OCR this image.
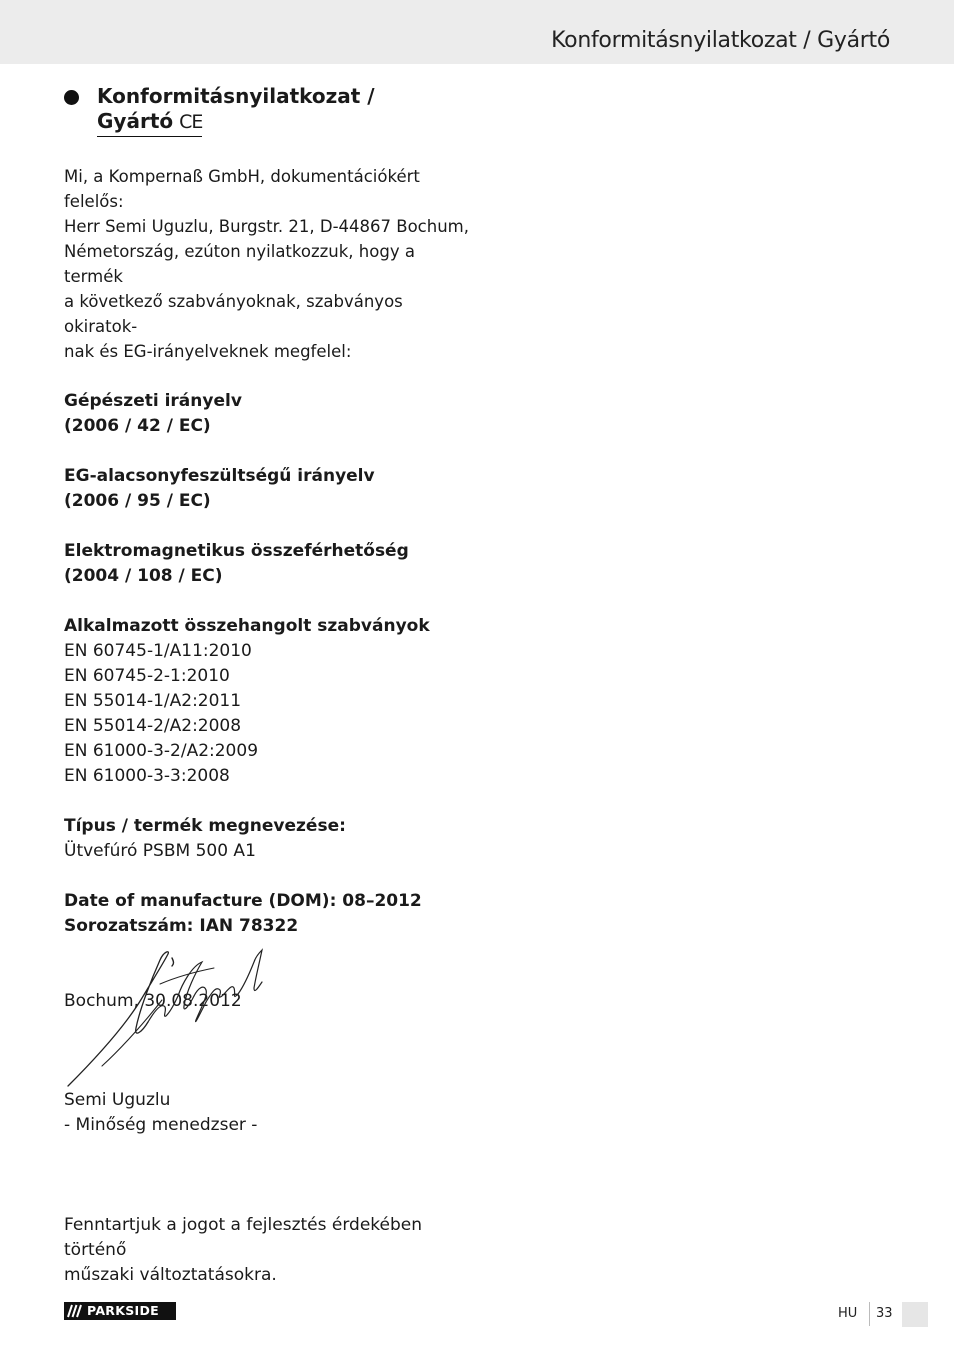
Konformitásnyilatkozat / Gyártó
Konformitásnyilatkozat /
Gyártó CE

Mi, a Kompernaß GmbH, dokumentációkért felelős:

Herr Semi Uguzlu, Burgstr. 21, D-44867 Bochum,

Németország, ezúton nyilatkozzuk, hogy a termék

a következő szabványoknak, szabványos okiratok-

nak és EG-irányelveknek megfelel:

Gépészeti irányelv

(2006 / 42 / EC)

EG-alacsonyfeszültségű irányelv

(2006 / 95 / EC)

Elektromagnetikus összeférhetőség

(2004 / 108 / EC)

Alkalmazott összehangolt szabványok

EN 60745-1/A11:2010

EN 60745-2-1:2010

EN 55014-1/A2:2011

EN 55014-2/A2:2008

EN 61000-3-2/A2:2009

EN 61000-3-3:2008

Típus / termék megnevezése:

Ütvefúró PSBM 500 A1

Date of manufacture (DOM): 08–2012

Sorozatszám: IAN 78322

Bochum, 30.08.2012

Semi Uguzlu

- Minőség menedzser -

Fenntartjuk a jogot a fejlesztés érdekében történő

műszaki változtatásokra.

PARKSIDE	HU 33
